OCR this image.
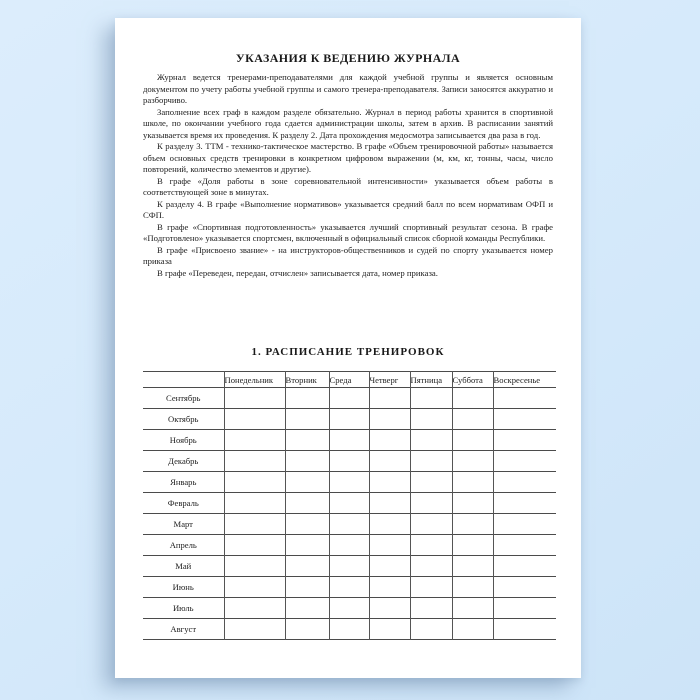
УКАЗАНИЯ К ВЕДЕНИЮ ЖУРНАЛА

Журнал ведется тренерами-преподавателями для каждой учебной группы и является основным документом по учету работы учебной группы и самого тренера-преподавателя. Записи заносятся аккуратно и разборчиво.

Заполнение всех граф в каждом разделе обязательно. Журнал в период работы хранится в спортивной школе, по окончании учебного года сдается администрации школы, затем в архив. В расписании занятий указывается время их проведения. К разделу 2. Дата прохождения медосмотра записывается два раза в год.

К разделу 3. ТТМ - технико-тактическое мастерство. В графе «Объем тренировочной работы» называется объем основных средств тренировки в конкретном цифровом выражении (м, км, кг, тонны, часы, число повторений, количество элементов и другие).

В графе «Доля работы в зоне соревновательной интенсивности» указывается объем работы в соответствующей зоне в минутах.

К разделу 4. В графе «Выполнение нормативов» указывается средний балл по всем нормативам ОФП и СФП.

В графе «Спортивная подготовленность» указывается лучший спортивный результат сезона. В графе «Подготовлено» указывается спортсмен, включенный в официальный список сборной команды Республики.

В графе «Присвоено звание» - на инструкторов-общественников и судей по спорту указывается номер приказа

В графе «Переведен, передан, отчислен» записывается дата, номер приказа.

1. РАСПИСАНИЕ ТРЕНИРОВОК
	Понедельник	Вторник	Среда	Четверг	Пятница	Суббота	Воскресенье
Сентябрь							
Октябрь							
Ноябрь							
Декабрь							
Январь							
Февраль							
Март							
Апрель							
Май							
Июнь							
Июль							
Август							
